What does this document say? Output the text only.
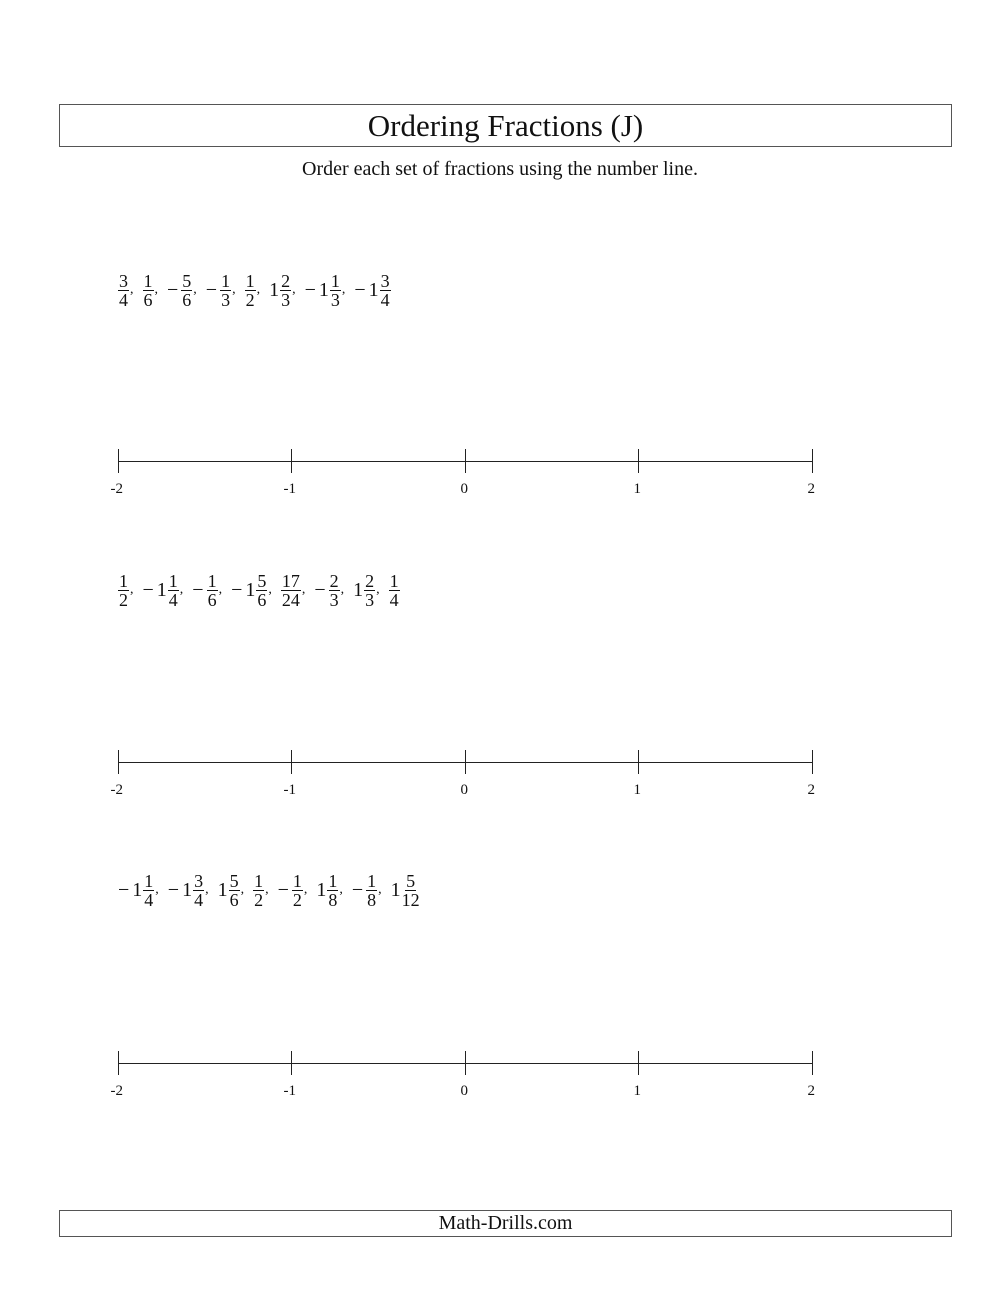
Ordering Fractions (J)
Order each set of fractions using the number line.
$\frac{3}{4}$ , $\frac{1}{6}$ , − $\frac{5}{6}$ , − $\frac{1}{3}$ , $\frac{1}{2}$ , $1 \frac{2}{3}$ , − $1 \frac{1}{3}$ , − $1 \frac{3}{4}$
-2	-1	0	1	2
$\frac{1}{2}$ , − $1 \frac{1}{4}$ , − $\frac{1}{6}$ , − $1 \frac{5}{6}$ , $\frac{17}{24}$ , − $\frac{2}{3}$ , $1 \frac{2}{3}$ , $\frac{1}{4}$
-2	-1	0	1	2
− $1 \frac{1}{4}$ , − $1 \frac{3}{4}$ , $1 \frac{5}{6}$ , $\frac{1}{2}$ , − $\frac{1}{2}$ , $1 \frac{1}{8}$ , − $\frac{1}{8}$ , $1 \frac{5}{12}$
-2	-1	0	1	2
Math-Drills.com
